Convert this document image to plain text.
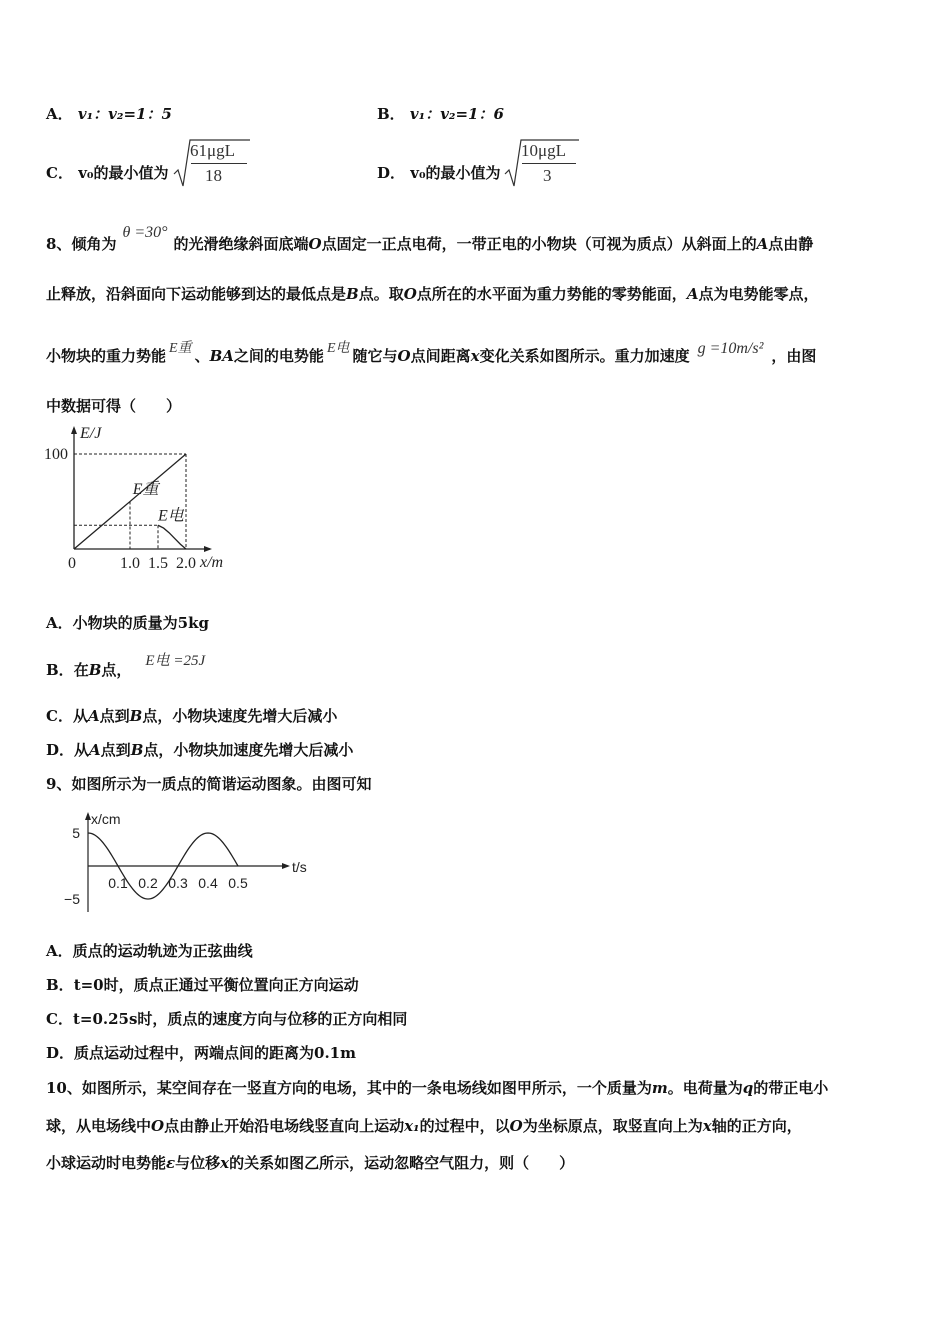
A． v₁：v₂=1：5	B． v₁：v₂=1：6
C． v₀的最小值为
61μgL
18	D． v₀的最小值为
10μgL
3
8、倾角为θ =30°的光滑绝缘斜面底端O点固定一正点电荷，一带正电的小物块（可视为质点）从斜面上的A点由静
止释放，沿斜面向下运动能够到达的最低点是B点。取O点所在的水平面为重力势能的零势能面，A点为电势能零点，
小物块的重力势能 E重 、BA之间的电势能 E电 随它与O点间距离x变化关系如图所示。重力加速度 g =10m/s² ，由图
中数据可得（　　）
E/J
x/m
0
100
1.0 1.5 2.0
E重
E电
A．小物块的质量为5kg
B．在B点， E电 =25J
C．从A点到B点，小物块速度先增大后减小
D．从A点到B点，小物块加速度先增大后减小
9、如图所示为一质点的简谐运动图象。由图可知
x/cm
t/s
5
−5
0.1 0.2 0.3 0.4 0.5
A．质点的运动轨迹为正弦曲线
B．t=0时，质点正通过平衡位置向正方向运动
C．t=0.25s时，质点的速度方向与位移的正方向相同
D．质点运动过程中，两端点间的距离为0.1m
10、如图所示，某空间存在一竖直方向的电场，其中的一条电场线如图甲所示，一个质量为m。电荷量为q的带正电小
球，从电场线中O点由静止开始沿电场线竖直向上运动x₁的过程中，以O为坐标原点，取竖直向上为x轴的正方向，
小球运动时电势能ε与位移x的关系如图乙所示，运动忽略空气阻力，则（　　）
